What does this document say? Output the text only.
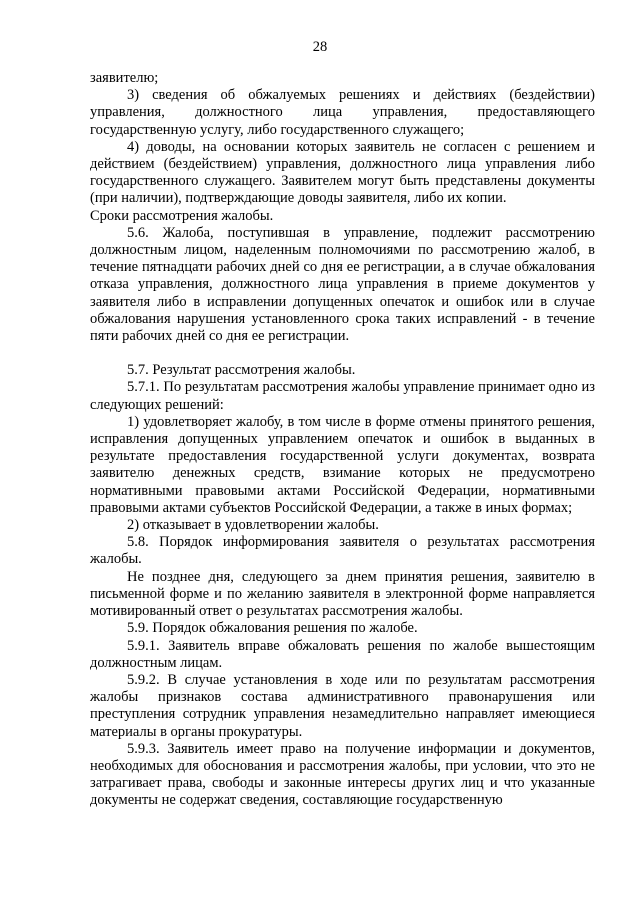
28

заявителю;

3) сведения об обжалуемых решениях и действиях (бездействии) управления, должностного лица управления, предоставляющего государственную услугу, либо государственного служащего;

4) доводы, на основании которых заявитель не согласен с решением и действием (бездействием) управления, должностного лица управления либо государственного служащего. Заявителем могут быть представлены документы (при наличии), подтверждающие доводы заявителя, либо их копии.

Сроки рассмотрения жалобы.

5.6. Жалоба, поступившая в управление, подлежит рассмотрению должностным лицом, наделенным полномочиями по рассмотрению жалоб, в течение пятнадцати рабочих дней со дня ее регистрации, а в случае обжалования отказа управления, должностного лица управления в приеме документов у заявителя либо в исправлении допущенных опечаток и ошибок или в случае обжалования нарушения установленного срока таких исправлений - в течение пяти рабочих дней со дня ее регистрации.

5.7. Результат рассмотрения жалобы.

5.7.1. По результатам рассмотрения жалобы управление принимает одно из следующих решений:

1) удовлетворяет жалобу, в том числе в форме отмены принятого решения, исправления допущенных управлением опечаток и ошибок в выданных в результате предоставления государственной услуги документах, возврата заявителю денежных средств, взимание которых не предусмотрено нормативными правовыми актами Российской Федерации, нормативными правовыми актами субъектов Российской Федерации, а также в иных формах;

2) отказывает в удовлетворении жалобы.

5.8. Порядок информирования заявителя о результатах рассмотрения жалобы.

Не позднее дня, следующего за днем принятия решения, заявителю в письменной форме и по желанию заявителя в электронной форме направляется мотивированный ответ о результатах рассмотрения жалобы.

5.9. Порядок обжалования решения по жалобе.

5.9.1. Заявитель вправе обжаловать решения по жалобе вышестоящим должностным лицам.

5.9.2. В случае установления в ходе или по результатам рассмотрения жалобы признаков состава административного правонарушения или преступления сотрудник управления незамедлительно направляет имеющиеся материалы в органы прокуратуры.

5.9.3. Заявитель имеет право на получение информации и документов, необходимых для обоснования и рассмотрения жалобы, при условии, что это не затрагивает права, свободы и законные интересы других лиц и что указанные документы не содержат сведения, составляющие государственную
